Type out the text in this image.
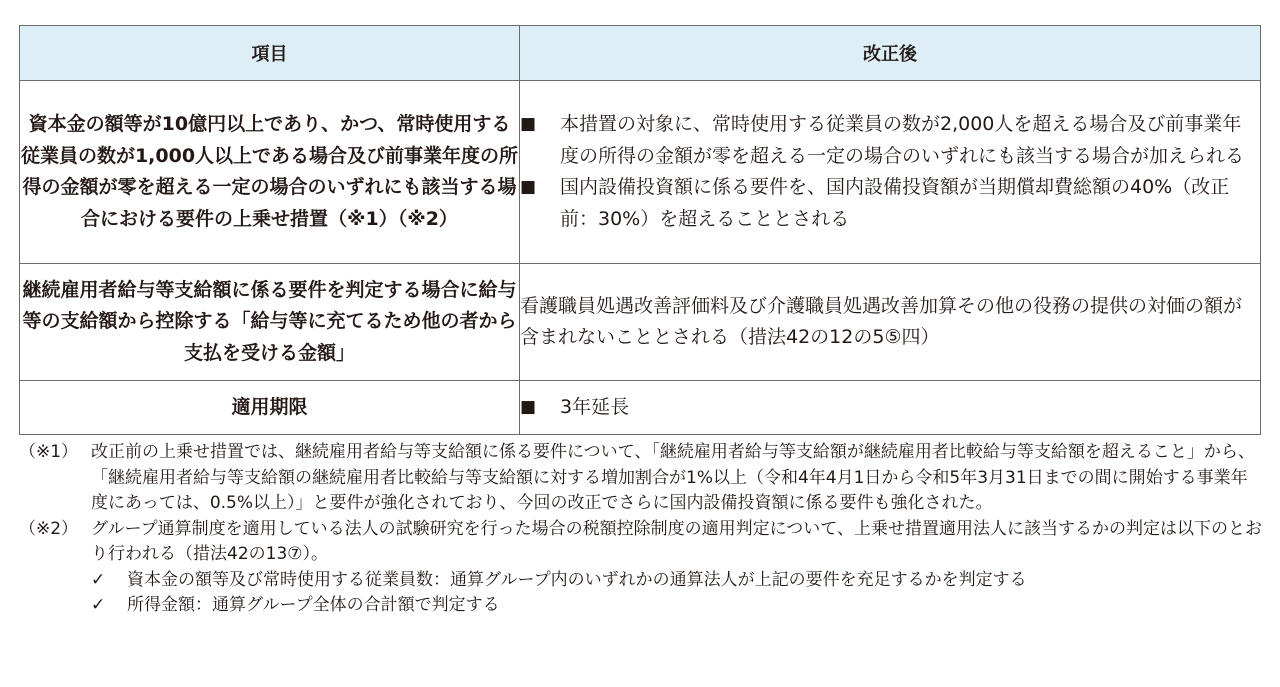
項目	改正後
資本金の額等が10億円以上であり、かつ、常時使用する従業員の数が1,000人以上である場合及び前事業年度の所得の金額が零を超える一定の場合のいずれにも該当する場合における要件の上乗せ措置（※1）（※2）	■ 本措置の対象に、常時使用する従業員の数が2,000人を超える場合及び前事業年度の所得の金額が零を超える一定の場合のいずれにも該当する場合が加えられる
■ 国内設備投資額に係る要件を、国内設備投資額が当期償却費総額の40%（改正前：30%）を超えることとされる

継続雇用者給与等支給額に係る要件を判定する場合に給与等の支給額から控除する「給与等に充てるため他の者から支払を受ける金額」	看護職員処遇改善評価料及び介護職員処遇改善加算その他の役務の提供の対価の額が含まれないこととされる（措法42の12の5⑤四）

適用期限	■ 3年延長
（※1） 改正前の上乗せ措置では、継続雇用者給与等支給額に係る要件について、「継続雇用者給与等支給額が継続雇用者比較給与等支給額を超えること」から、「継続雇用者給与等支給額の継続雇用者比較給与等支給額に対する増加割合が1%以上（令和4年4月1日から令和5年3月31日までの間に開始する事業年度にあっては、0.5%以上）」と要件が強化されており、今回の改正でさらに国内設備投資額に係る要件も強化された。
（※2） グループ通算制度を適用している法人の試験研究を行った場合の税額控除制度の適用判定について、上乗せ措置適用法人に該当するかの判定は以下のとおり行われる（措法42の13⑦）。
✓	資本金の額等及び常時使用する従業員数：通算グループ内のいずれかの通算法人が上記の要件を充足するかを判定する
✓	所得金額：通算グループ全体の合計額で判定する
